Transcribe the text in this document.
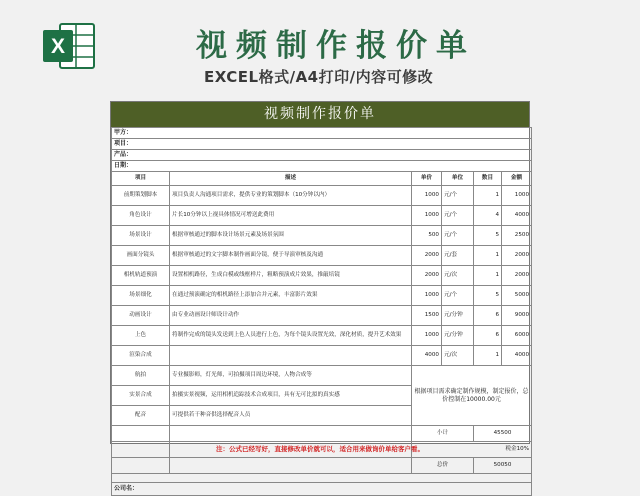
X	视频制作报价单
EXCEL格式/A4打印/内容可修改
视频制作报价单
甲方：					
项目：					
产品：					
日期：					
项目	描述	单价	单位	数目	金额
前期策划脚本	项目负责人沟通项目需求，提供专业的策划脚本（10分钟以内）	1000	元/个	1	1000
角色设计	片长10分钟以上视具体情况可增送此费用	1000	元/个	4	4000
场景设计	根据审核通过的脚本设计场景元素及场景氛围	500	元/个	5	2500
画面分镜头	根据审核通过的文字脚本制作画面分镜，便于导演审核及沟通	2000	元/套	1	2000
相机轨道预演	设置相机路径，生成白模或线框样片，粗略预演成片效果，推敲培镜	2000	元/次	1	2000
场景细化	在通过预演确定的相机路径上添加合并元素，丰富影片效果	1000	元/个	5	5000
动画设计	由专业动画设计师设计动作	1500	元/分钟	6	9000
上色	将制作完成的镜头发送到上色人员进行上色，为每个镜头设置光效，深化材质，提升艺术效果	1000	元/分钟	6	6000
渲染合成		4000	元/次	1	4000
航拍	专业摄影师，灯光师，可拍摄项目周边环境，人物合成等	根据项目需求确定制作规模，制定报价，总价控制在10000.00元			
实景合成	拍摄实景视频，运用相机追踪技术合成项目，具有无可比拟的真实感				
配音	可提供若干种音供选择配音人员				
		小计		45500	
		税金10%			
		总价		50050	

公司名：					
注：公式已经写好，直接修改单价就可以，适合用来做询价单给客户看。
